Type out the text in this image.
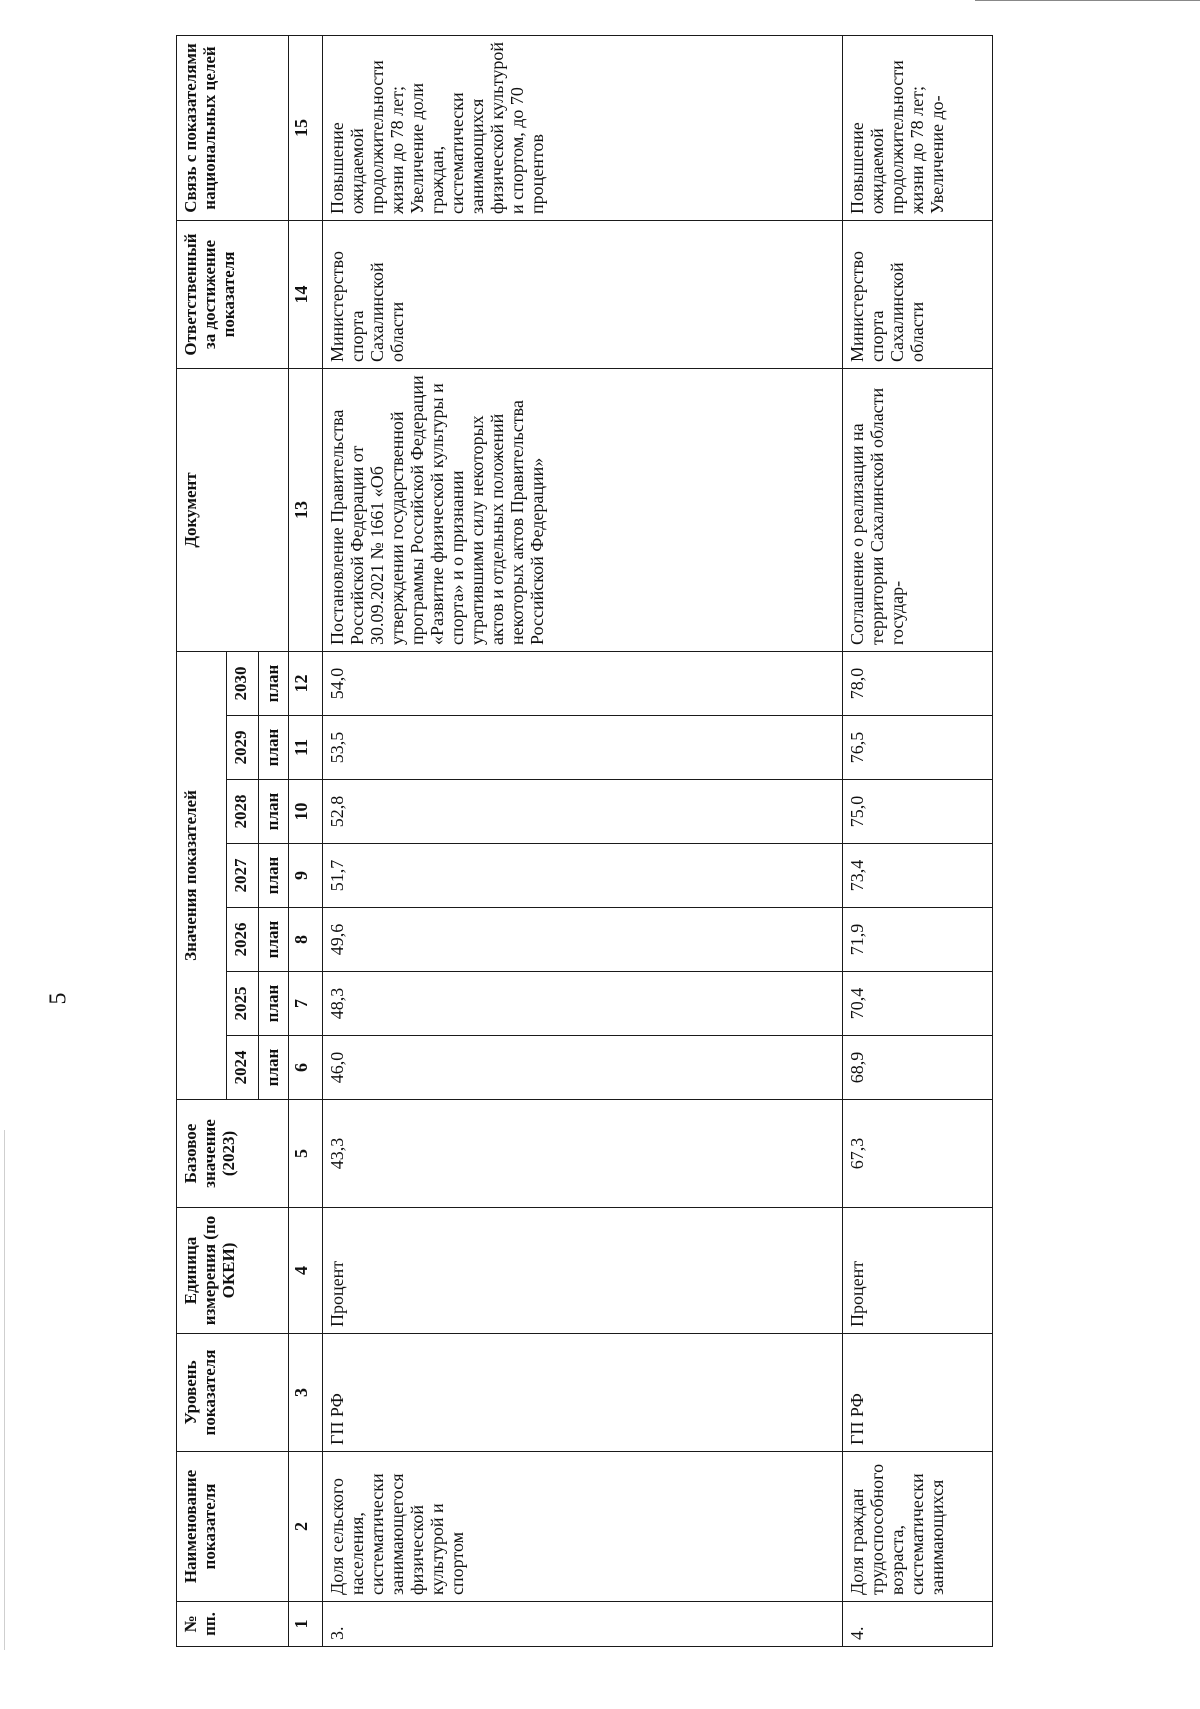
5
№ пп.	Наименование показателя	Уровень показателя	Единица измерения (по ОКЕИ)	Базовое значение (2023)	Значения показателей							Документ	Ответственный за достижение показателя	Связь с показателями национальных целей
					2024	2025	2026	2027	2028	2029	2030			
					план	план	план	план	план	план	план			
1	2	3	4	5	6	7	8	9	10	11	12	13	14	15
3.	Доля сельского населения, систематически занимающегося физической культурой и спортом	ГП РФ	Процент	43,3	46,0	48,3	49,6	51,7	52,8	53,5	54,0	Постановление Правительства Российской Федерации от 30.09.2021 № 1661 «Об утверждении государственной программы Российской Федерации «Развитие физической культуры и спорта» и о признании утратившими силу некоторых актов и отдельных положений некоторых актов Правительства Российской Федерации»	Министерство спорта Сахалинской области	Повышение ожидаемой продолжительности жизни до 78 лет; Увеличение доли граждан, систематически занимающихся физической культурой и спортом, до 70 процентов
4.	Доля граждан трудоспособного возраста, систематически занимающихся	ГП РФ	Процент	67,3	68,9	70,4	71,9	73,4	75,0	76,5	78,0	Соглашение о реализации на территории Сахалинской области государ-	Министерство спорта Сахалинской области	Повышение ожидаемой продолжительности жизни до 78 лет; Увеличение до-
